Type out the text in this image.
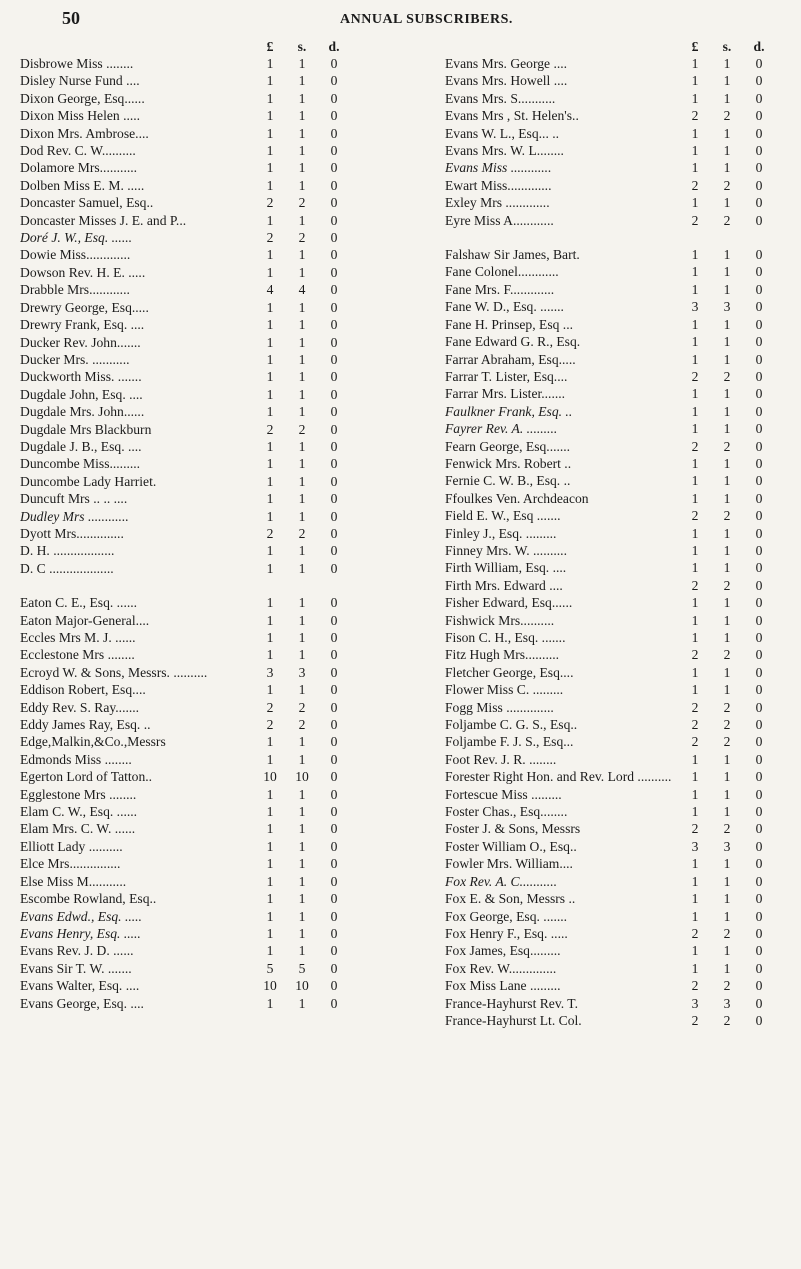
50	ANNUAL SUBSCRIBERS.
£	s.	d.
Disbrowe Miss ........	1	1	0
Disley Nurse Fund ....	1	1	0
Dixon George, Esq......	1	1	0
Dixon Miss Helen .....	1	1	0
Dixon Mrs. Ambrose....	1	1	0
Dod Rev. C. W..........	1	1	0
Dolamore Mrs...........	1	1	0
Dolben Miss E. M. .....	1	1	0
Doncaster Samuel, Esq..	2	2	0
Doncaster Misses J. E. and P...	1	1	0
Doré J. W., Esq. ......	2	2	0
Dowie Miss.............	1	1	0
Dowson Rev. H. E. .....	1	1	0
Drabble Mrs............	4	4	0
Drewry George, Esq.....	1	1	0
Drewry Frank, Esq. ....	1	1	0
Ducker Rev. John.......	1	1	0
Ducker Mrs. ...........	1	1	0
Duckworth Miss. .......	1	1	0
Dugdale John, Esq. ....	1	1	0
Dugdale Mrs. John......	1	1	0
Dugdale Mrs Blackburn	2	2	0
Dugdale J. B., Esq. ....	1	1	0
Duncombe Miss.........	1	1	0
Duncombe Lady Harriet.	1	1	0
Duncuft Mrs .. .. ....	1	1	0
Dudley Mrs ............	1	1	0
Dyott Mrs..............	2	2	0
D. H. ..................	1	1	0
D. C ...................	1	1	0
Eaton C. E., Esq. ......	1	1	0
Eaton Major-General....	1	1	0
Eccles Mrs M. J. ......	1	1	0
Ecclestone Mrs ........	1	1	0
Ecroyd W. & Sons, Messrs. ..........	3	3	0
Eddison Robert, Esq....	1	1	0
Eddy Rev. S. Ray.......	2	2	0
Eddy James Ray, Esq. ..	2	2	0
Edge,Malkin,&Co.,Messrs	1	1	0
Edmonds Miss ........	1	1	0
Egerton Lord of Tatton..	10	10	0
Egglestone Mrs ........	1	1	0
Elam C. W., Esq. ......	1	1	0
Elam Mrs. C. W. ......	1	1	0
Elliott Lady ..........	1	1	0
Elce Mrs...............	1	1	0
Else Miss M...........	1	1	0
Escombe Rowland, Esq..	1	1	0
Evans Edwd., Esq. .....	1	1	0
Evans Henry, Esq. .....	1	1	0
Evans Rev. J. D. ......	1	1	0
Evans Sir T. W. .......	5	5	0
Evans Walter, Esq. ....	10	10	0
Evans George, Esq. ....	1	1	0
£	s.	d.
Evans Mrs. George ....	1	1	0
Evans Mrs. Howell ....	1	1	0
Evans Mrs. S...........	1	1	0
Evans Mrs , St. Helen's..	2	2	0
Evans W. L., Esq... ..	1	1	0
Evans Mrs. W. L........	1	1	0
Evans Miss ............	1	1	0
Ewart Miss.............	2	2	0
Exley Mrs .............	1	1	0
Eyre Miss A............	2	2	0
Falshaw Sir James, Bart.	1	1	0
Fane Colonel............	1	1	0
Fane Mrs. F.............	1	1	0
Fane W. D., Esq. .......	3	3	0
Fane H. Prinsep, Esq ...	1	1	0
Fane Edward G. R., Esq.	1	1	0
Farrar Abraham, Esq.....	1	1	0
Farrar T. Lister, Esq....	2	2	0
Farrar Mrs. Lister.......	1	1	0
Faulkner Frank, Esq. ..	1	1	0
Fayrer Rev. A. .........	1	1	0
Fearn George, Esq.......	2	2	0
Fenwick Mrs. Robert ..	1	1	0
Fernie C. W. B., Esq. ..	1	1	0
Ffoulkes Ven. Archdeacon	1	1	0
Field E. W., Esq .......	2	2	0
Finley J., Esq. .........	1	1	0
Finney Mrs. W. ..........	1	1	0
Firth William, Esq. ....	1	1	0
Firth Mrs. Edward ....	2	2	0
Fisher Edward, Esq......	1	1	0
Fishwick Mrs..........	1	1	0
Fison C. H., Esq. .......	1	1	0
Fitz Hugh Mrs..........	2	2	0
Fletcher George, Esq....	1	1	0
Flower Miss C. .........	1	1	0
Fogg Miss ..............	2	2	0
Foljambe C. G. S., Esq..	2	2	0
Foljambe F. J. S., Esq...	2	2	0
Foot Rev. J. R. ........	1	1	0
Forester Right Hon. and Rev. Lord ..........	1	1	0
Fortescue Miss .........	1	1	0
Foster Chas., Esq........	1	1	0
Foster J. & Sons, Messrs	2	2	0
Foster William O., Esq..	3	3	0
Fowler Mrs. William....	1	1	0
Fox Rev. A. C...........	1	1	0
Fox E. & Son, Messrs ..	1	1	0
Fox George, Esq. .......	1	1	0
Fox Henry F., Esq. .....	2	2	0
Fox James, Esq.........	1	1	0
Fox Rev. W..............	1	1	0
Fox Miss Lane .........	2	2	0
France-Hayhurst Rev. T.	3	3	0
France-Hayhurst Lt. Col.	2	2	0
